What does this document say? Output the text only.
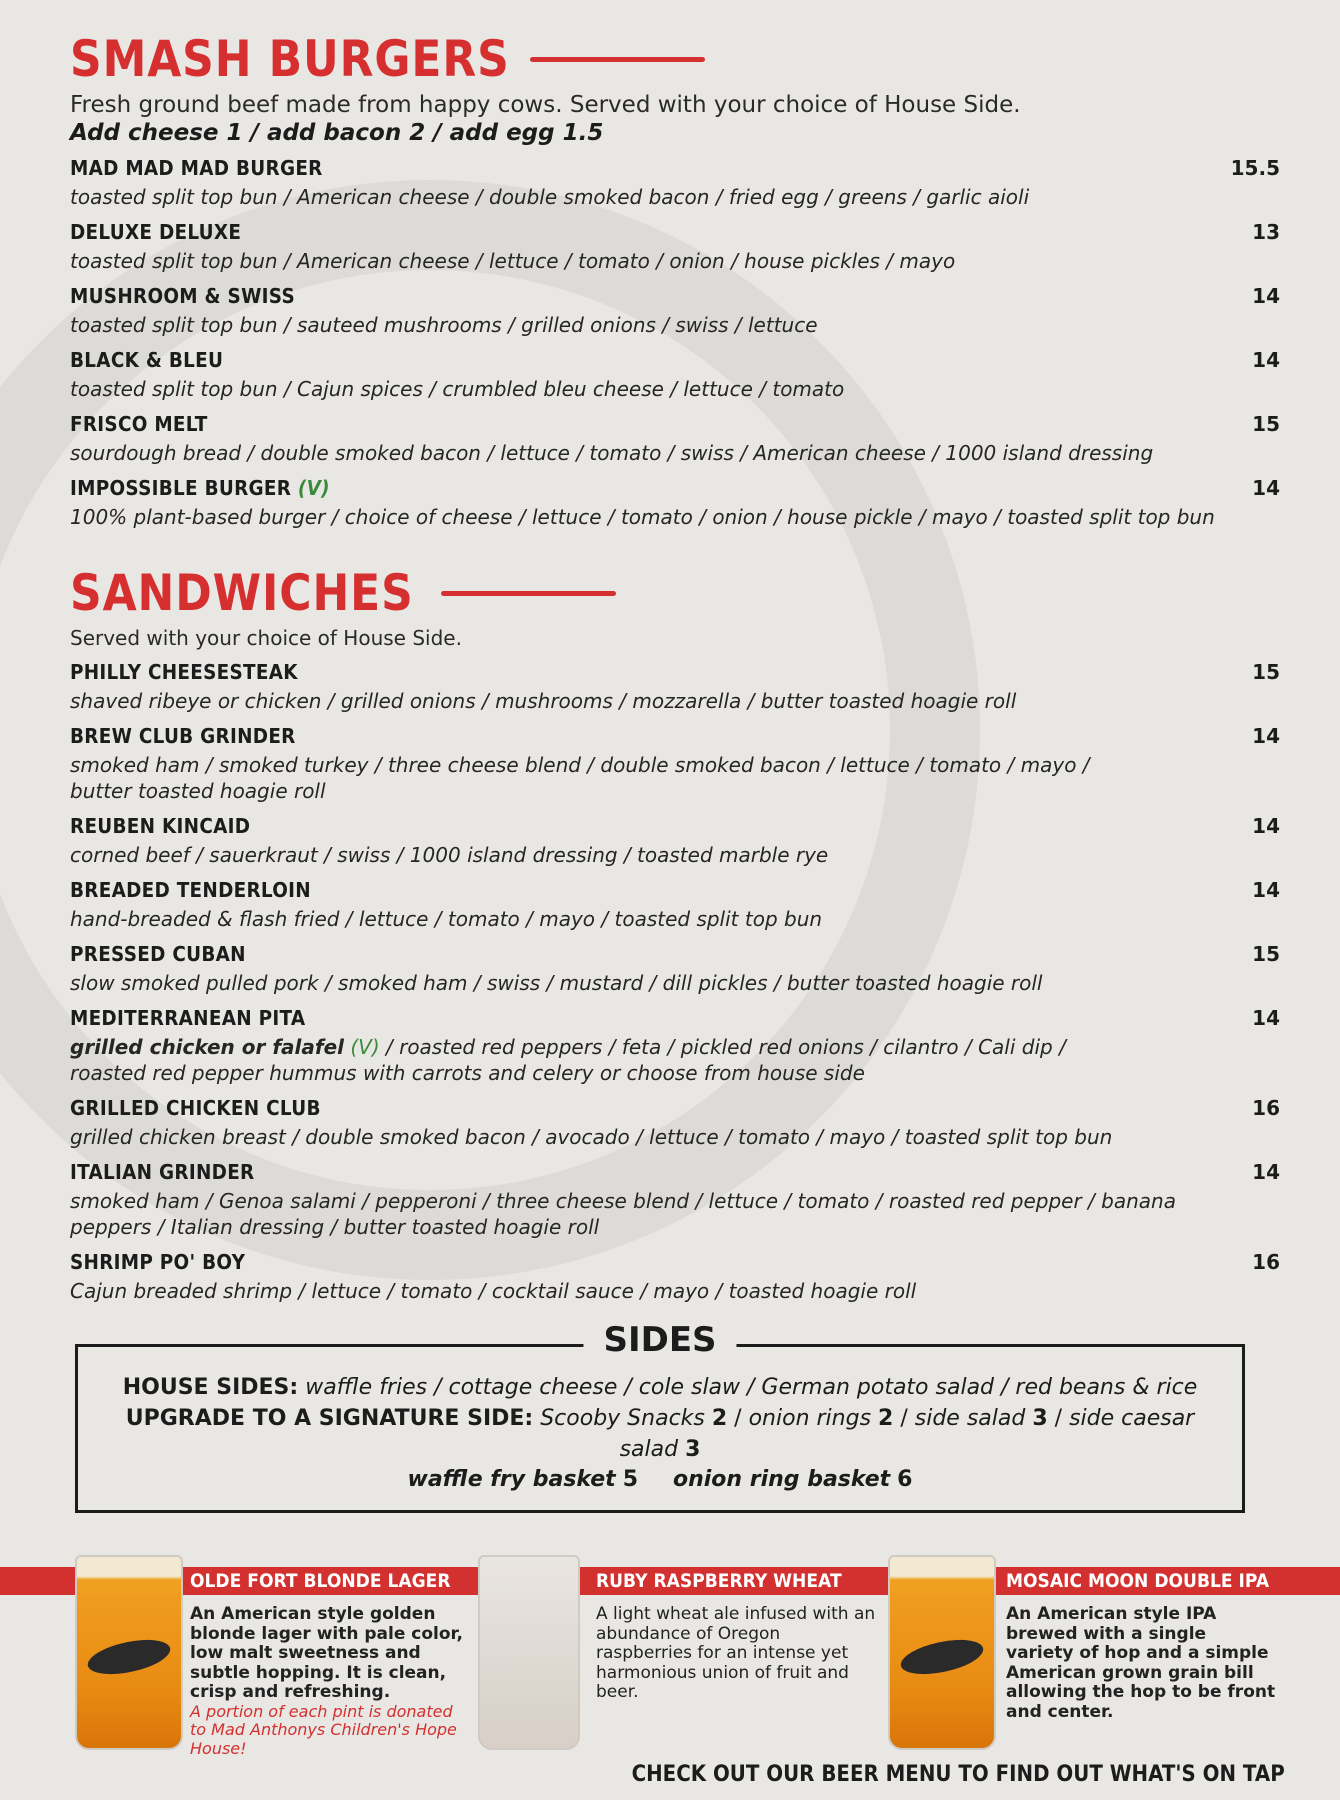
SMASH BURGERS

Fresh ground beef made from happy cows. Served with your choice of House Side.

Add cheese 1 / add bacon 2 / add egg 1.5

MAD MAD MAD BURGER
toasted split top bun / American cheese / double smoked bacon / fried egg / greens / garlic aioli
15.5
DELUXE DELUXE
toasted split top bun / American cheese / lettuce / tomato / onion / house pickles / mayo
13
MUSHROOM & SWISS
toasted split top bun / sauteed mushrooms / grilled onions / swiss / lettuce
14
BLACK & BLEU
toasted split top bun / Cajun spices / crumbled bleu cheese / lettuce / tomato
14
FRISCO MELT
sourdough bread / double smoked bacon / lettuce / tomato / swiss / American cheese / 1000 island dressing
15
IMPOSSIBLE BURGER (V)
100% plant-based burger / choice of cheese / lettuce / tomato / onion / house pickle / mayo / toasted split top bun
14
SANDWICHES

Served with your choice of House Side.

PHILLY CHEESESTEAK
shaved ribeye or chicken / grilled onions / mushrooms / mozzarella / butter toasted hoagie roll
15
BREW CLUB GRINDER
smoked ham / smoked turkey / three cheese blend / double smoked bacon / lettuce / tomato / mayo / butter toasted hoagie roll
14
REUBEN KINCAID
corned beef / sauerkraut / swiss / 1000 island dressing / toasted marble rye
14
BREADED TENDERLOIN
hand-breaded & flash fried / lettuce / tomato / mayo / toasted split top bun
14
PRESSED CUBAN
slow smoked pulled pork / smoked ham / swiss / mustard / dill pickles / butter toasted hoagie roll
15
MEDITERRANEAN PITA
grilled chicken or falafel (V) / roasted red peppers / feta / pickled red onions / cilantro / Cali dip / roasted red pepper hummus with carrots and celery or choose from house side
14
GRILLED CHICKEN CLUB
grilled chicken breast / double smoked bacon / avocado / lettuce / tomato / mayo / toasted split top bun
16
ITALIAN GRINDER
smoked ham / Genoa salami / pepperoni / three cheese blend / lettuce / tomato / roasted red pepper / banana peppers / Italian dressing / butter toasted hoagie roll
14
SHRIMP PO' BOY
Cajun breaded shrimp / lettuce / tomato / cocktail sauce / mayo / toasted hoagie roll
16
HOUSE SIDES: waffle fries / cottage cheese / cole slaw / German potato salad / red beans & rice
UPGRADE TO A SIGNATURE SIDE: Scooby Snacks 2 / onion rings 2 / side salad 3 / side caesar salad 3
waffle fry basket 5 onion ring basket 6
SIDES
OLDE FORT BLONDE LAGER
An American style golden blonde lager with pale color, low malt sweetness and subtle hopping. It is clean, crisp and refreshing.
A portion of each pint is donated to Mad Anthonys Children's Hope House!
RUBY RASPBERRY WHEAT
A light wheat ale infused with an abundance of Oregon raspberries for an intense yet harmonious union of fruit and beer.
MOSAIC MOON DOUBLE IPA
An American style IPA brewed with a single variety of hop and a simple American grown grain bill allowing the hop to be front and center.
CHECK OUT OUR BEER MENU TO FIND OUT WHAT'S ON TAP
